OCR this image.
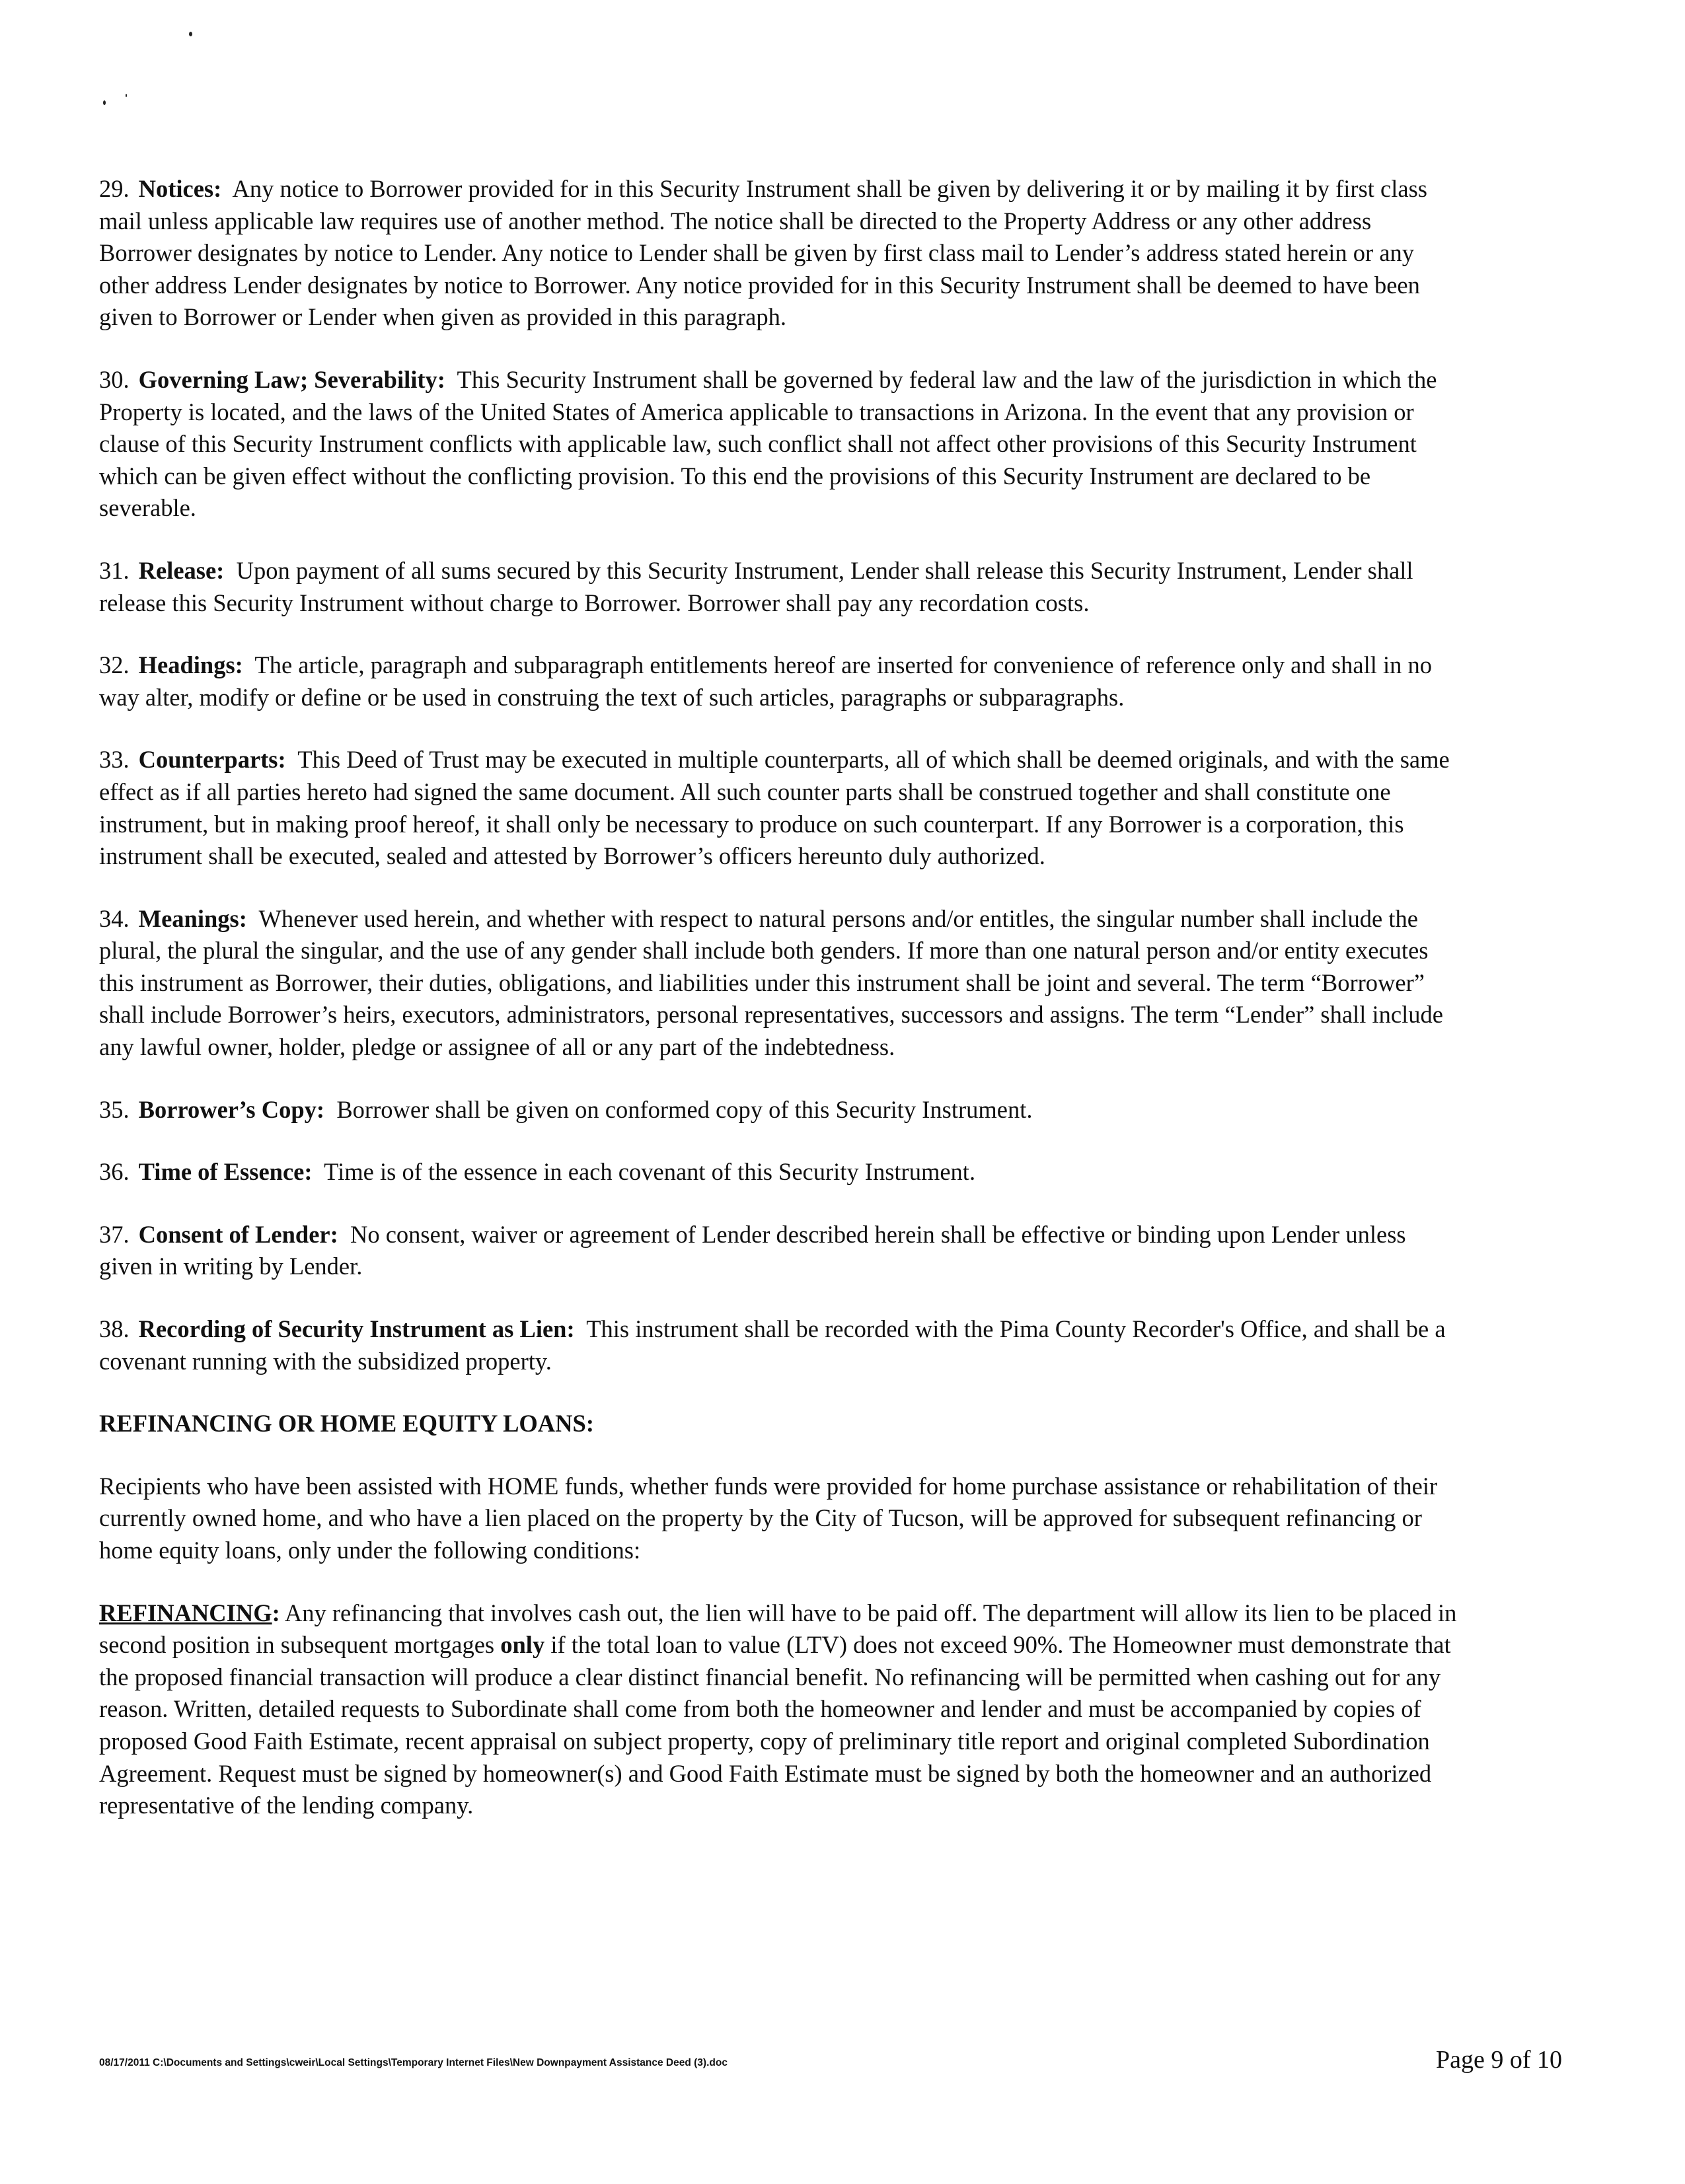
29. Notices: Any notice to Borrower provided for in this Security Instrument shall be given by delivering it or by mailing it by first class mail unless applicable law requires use of another method. The notice shall be directed to the Property Address or any other address Borrower designates by notice to Lender. Any notice to Lender shall be given by first class mail to Lender’s address stated herein or any other address Lender designates by notice to Borrower. Any notice provided for in this Security Instrument shall be deemed to have been given to Borrower or Lender when given as provided in this paragraph.

30. Governing Law; Severability: This Security Instrument shall be governed by federal law and the law of the jurisdiction in which the Property is located, and the laws of the United States of America applicable to transactions in Arizona. In the event that any provision or clause of this Security Instrument conflicts with applicable law, such conflict shall not affect other provisions of this Security Instrument which can be given effect without the conflicting provision. To this end the provisions of this Security Instrument are declared to be severable.

31. Release: Upon payment of all sums secured by this Security Instrument, Lender shall release this Security Instrument, Lender shall release this Security Instrument without charge to Borrower. Borrower shall pay any recordation costs.

32. Headings: The article, paragraph and subparagraph entitlements hereof are inserted for convenience of reference only and shall in no way alter, modify or define or be used in construing the text of such articles, paragraphs or subparagraphs.

33. Counterparts: This Deed of Trust may be executed in multiple counterparts, all of which shall be deemed originals, and with the same effect as if all parties hereto had signed the same document. All such counter parts shall be construed together and shall constitute one instrument, but in making proof hereof, it shall only be necessary to produce on such counterpart. If any Borrower is a corporation, this instrument shall be executed, sealed and attested by Borrower’s officers hereunto duly authorized.

34. Meanings: Whenever used herein, and whether with respect to natural persons and/or entitles, the singular number shall include the plural, the plural the singular, and the use of any gender shall include both genders. If more than one natural person and/or entity executes this instrument as Borrower, their duties, obligations, and liabilities under this instrument shall be joint and several. The term “Borrower” shall include Borrower’s heirs, executors, administrators, personal representatives, successors and assigns. The term “Lender” shall include any lawful owner, holder, pledge or assignee of all or any part of the indebtedness.

35. Borrower’s Copy: Borrower shall be given on conformed copy of this Security Instrument.

36. Time of Essence: Time is of the essence in each covenant of this Security Instrument.

37. Consent of Lender: No consent, waiver or agreement of Lender described herein shall be effective or binding upon Lender unless given in writing by Lender.

38. Recording of Security Instrument as Lien: This instrument shall be recorded with the Pima County Recorder's Office, and shall be a covenant running with the subsidized property.

REFINANCING OR HOME EQUITY LOANS:

Recipients who have been assisted with HOME funds, whether funds were provided for home purchase assistance or rehabilitation of their currently owned home, and who have a lien placed on the property by the City of Tucson, will be approved for subsequent refinancing or home equity loans, only under the following conditions:

REFINANCING: Any refinancing that involves cash out, the lien will have to be paid off. The department will allow its lien to be placed in second position in subsequent mortgages only if the total loan to value (LTV) does not exceed 90%. The Homeowner must demonstrate that the proposed financial transaction will produce a clear distinct financial benefit. No refinancing will be permitted when cashing out for any reason. Written, detailed requests to Subordinate shall come from both the homeowner and lender and must be accompanied by copies of proposed Good Faith Estimate, recent appraisal on subject property, copy of preliminary title report and original completed Subordination Agreement. Request must be signed by homeowner(s) and Good Faith Estimate must be signed by both the homeowner and an authorized representative of the lending company.

08/17/2011 C:\Documents and Settings\cweir\Local Settings\Temporary Internet Files\New Downpayment Assistance Deed (3).doc	Page 9 of 10
